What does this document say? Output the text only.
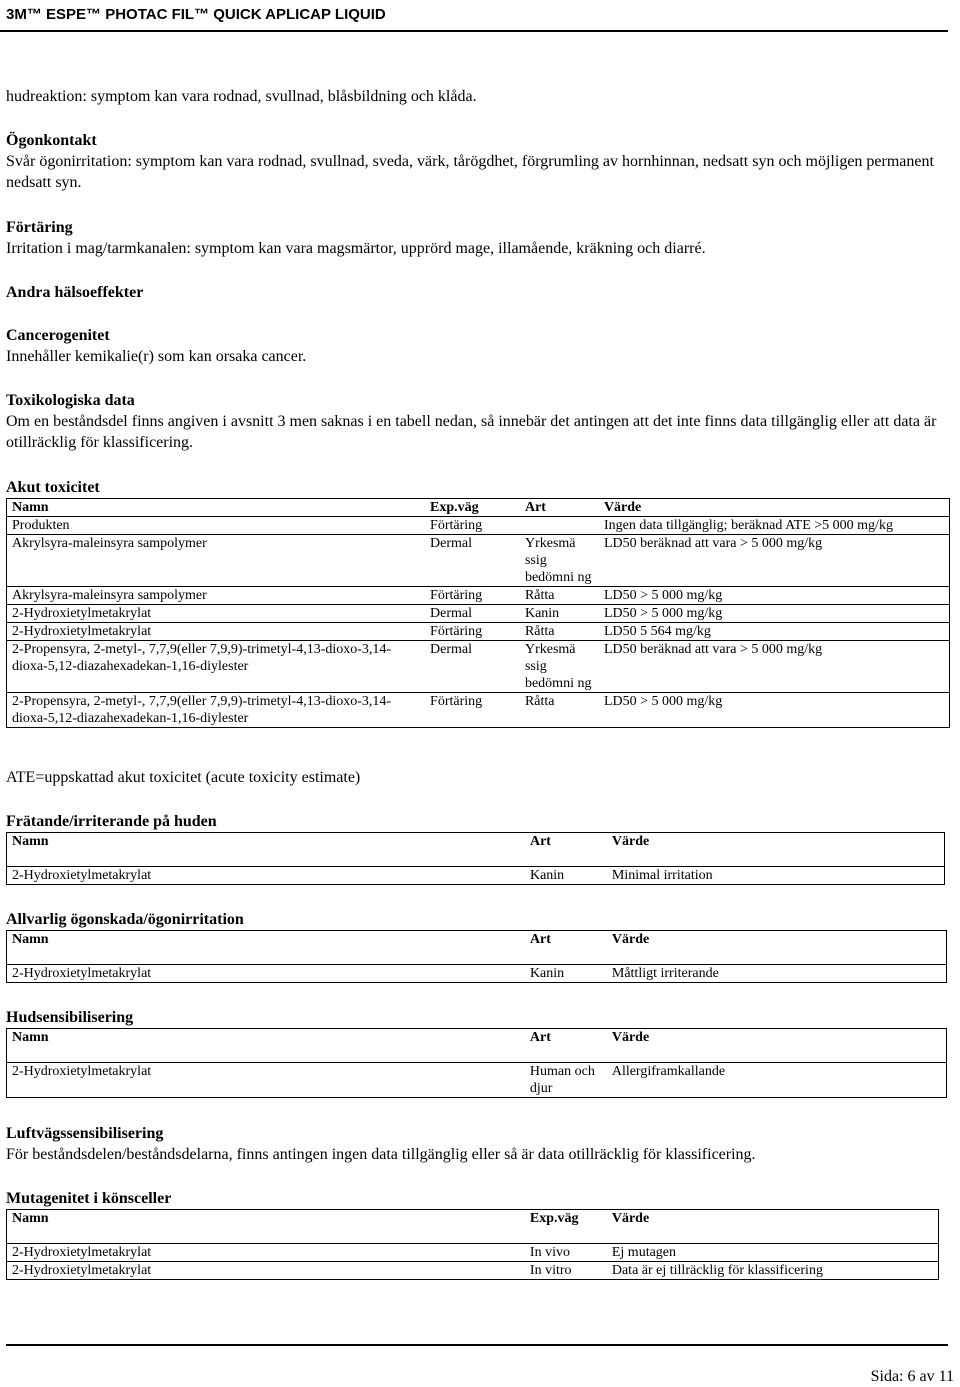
3M™ ESPE™ PHOTAC FIL™ QUICK APLICAP LIQUID
hudreaktion: symptom kan vara rodnad, svullnad, blåsbildning och klåda.
Ögonkontakt
Svår ögonirritation: symptom kan vara rodnad, svullnad, sveda, värk, tårögdhet, förgrumling av hornhinnan, nedsatt syn och möjligen permanent nedsatt syn.
Förtäring
Irritation i mag/tarmkanalen: symptom kan vara magsmärtor, upprörd mage, illamående, kräkning och diarré.
Andra hälsoeffekter
Cancerogenitet
Innehåller kemikalie(r) som kan orsaka cancer.
Toxikologiska data
Om en beståndsdel finns angiven i avsnitt 3 men saknas i en tabell nedan, så innebär det antingen att det inte finns data tillgänglig eller att data är otillräcklig för klassificering.
Akut toxicitet
Namn	Exp.väg	Art	Värde
Produkten	Förtäring		Ingen data tillgänglig; beräknad ATE >5 000 mg/kg
Akrylsyra-maleinsyra sampolymer	Dermal	Yrkesmä ssig bedömni ng	LD50 beräknad att vara > 5 000 mg/kg
Akrylsyra-maleinsyra sampolymer	Förtäring	Råtta	LD50 > 5 000 mg/kg
2-Hydroxietylmetakrylat	Dermal	Kanin	LD50 > 5 000 mg/kg
2-Hydroxietylmetakrylat	Förtäring	Råtta	LD50 5 564 mg/kg
2-Propensyra, 2-metyl-, 7,7,9(eller 7,9,9)-trimetyl-4,13-dioxo-3,14-dioxa-5,12-diazahexadekan-1,16-diylester	Dermal	Yrkesmä ssig bedömni ng	LD50 beräknad att vara > 5 000 mg/kg
2-Propensyra, 2-metyl-, 7,7,9(eller 7,9,9)-trimetyl-4,13-dioxo-3,14-dioxa-5,12-diazahexadekan-1,16-diylester	Förtäring	Råtta	LD50 > 5 000 mg/kg
ATE=uppskattad akut toxicitet (acute toxicity estimate)
Frätande/irriterande på huden
Namn	Art	Värde
2-Hydroxietylmetakrylat	Kanin	Minimal irritation
Allvarlig ögonskada/ögonirritation
Namn	Art	Värde
2-Hydroxietylmetakrylat	Kanin	Måttligt irriterande
Hudsensibilisering
Namn	Art	Värde
2-Hydroxietylmetakrylat	Human och djur	Allergiframkallande
Luftvägssensibilisering
För beståndsdelen/beståndsdelarna, finns antingen ingen data tillgänglig eller så är data otillräcklig för klassificering.
Mutagenitet i könsceller
Namn	Exp.väg	Värde
2-Hydroxietylmetakrylat	In vivo	Ej mutagen
2-Hydroxietylmetakrylat	In vitro	Data är ej tillräcklig för klassificering
Sida: 6 av 11
